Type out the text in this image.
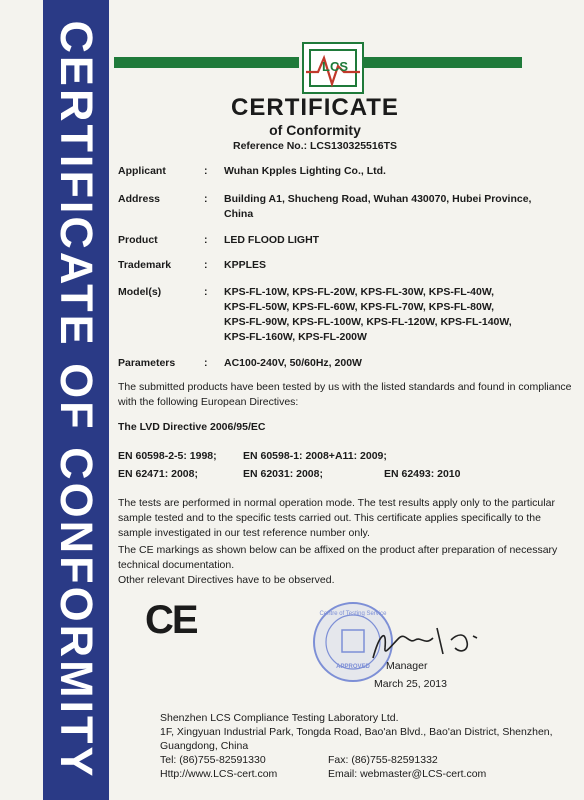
CERTIFICATE OF CONFORMITY	LCS
CERTIFICATE
of Conformity
Reference No.: LCS130325516TS
Applicant	: Wuhan Kpples Lighting Co., Ltd.
Address	: Building A1, Shucheng Road, Wuhan 430070, Hubei Province,
China
Product	: LED FLOOD LIGHT
Trademark	: KPPLES
Model(s)	: KPS-FL-10W, KPS-FL-20W, KPS-FL-30W, KPS-FL-40W,
KPS-FL-50W, KPS-FL-60W, KPS-FL-70W, KPS-FL-80W,
KPS-FL-90W, KPS-FL-100W, KPS-FL-120W, KPS-FL-140W,
KPS-FL-160W, KPS-FL-200W
Parameters	: AC100-240V, 50/60Hz, 200W
The submitted products have been tested by us with the listed standards and found in compliance
with the following European Directives:
The LVD Directive 2006/95/EC
EN 60598-2-5: 1998;	EN 60598-1: 2008+A11: 2009;
EN 62471: 2008;	EN 62031: 2008;	EN 62493: 2010
The tests are performed in normal operation mode. The test results apply only to the particular
sample tested and to the specific tests carried out. This certificate applies specifically to the
sample investigated in our test reference number only.
The CE markings as shown below can be affixed on the product after preparation of necessary
technical documentation.
Other relevant Directives have to be observed.
CE	Centre of Testing Service
APPROVED	Manager
March 25, 2013
Shenzhen LCS Compliance Testing Laboratory Ltd.
1F, Xingyuan Industrial Park, Tongda Road, Bao'an Blvd., Bao'an District, Shenzhen,
Guangdong, China
Tel: (86)755-82591330	Fax: (86)755-82591332
Http://www.LCS-cert.com	Email: webmaster@LCS-cert.com
